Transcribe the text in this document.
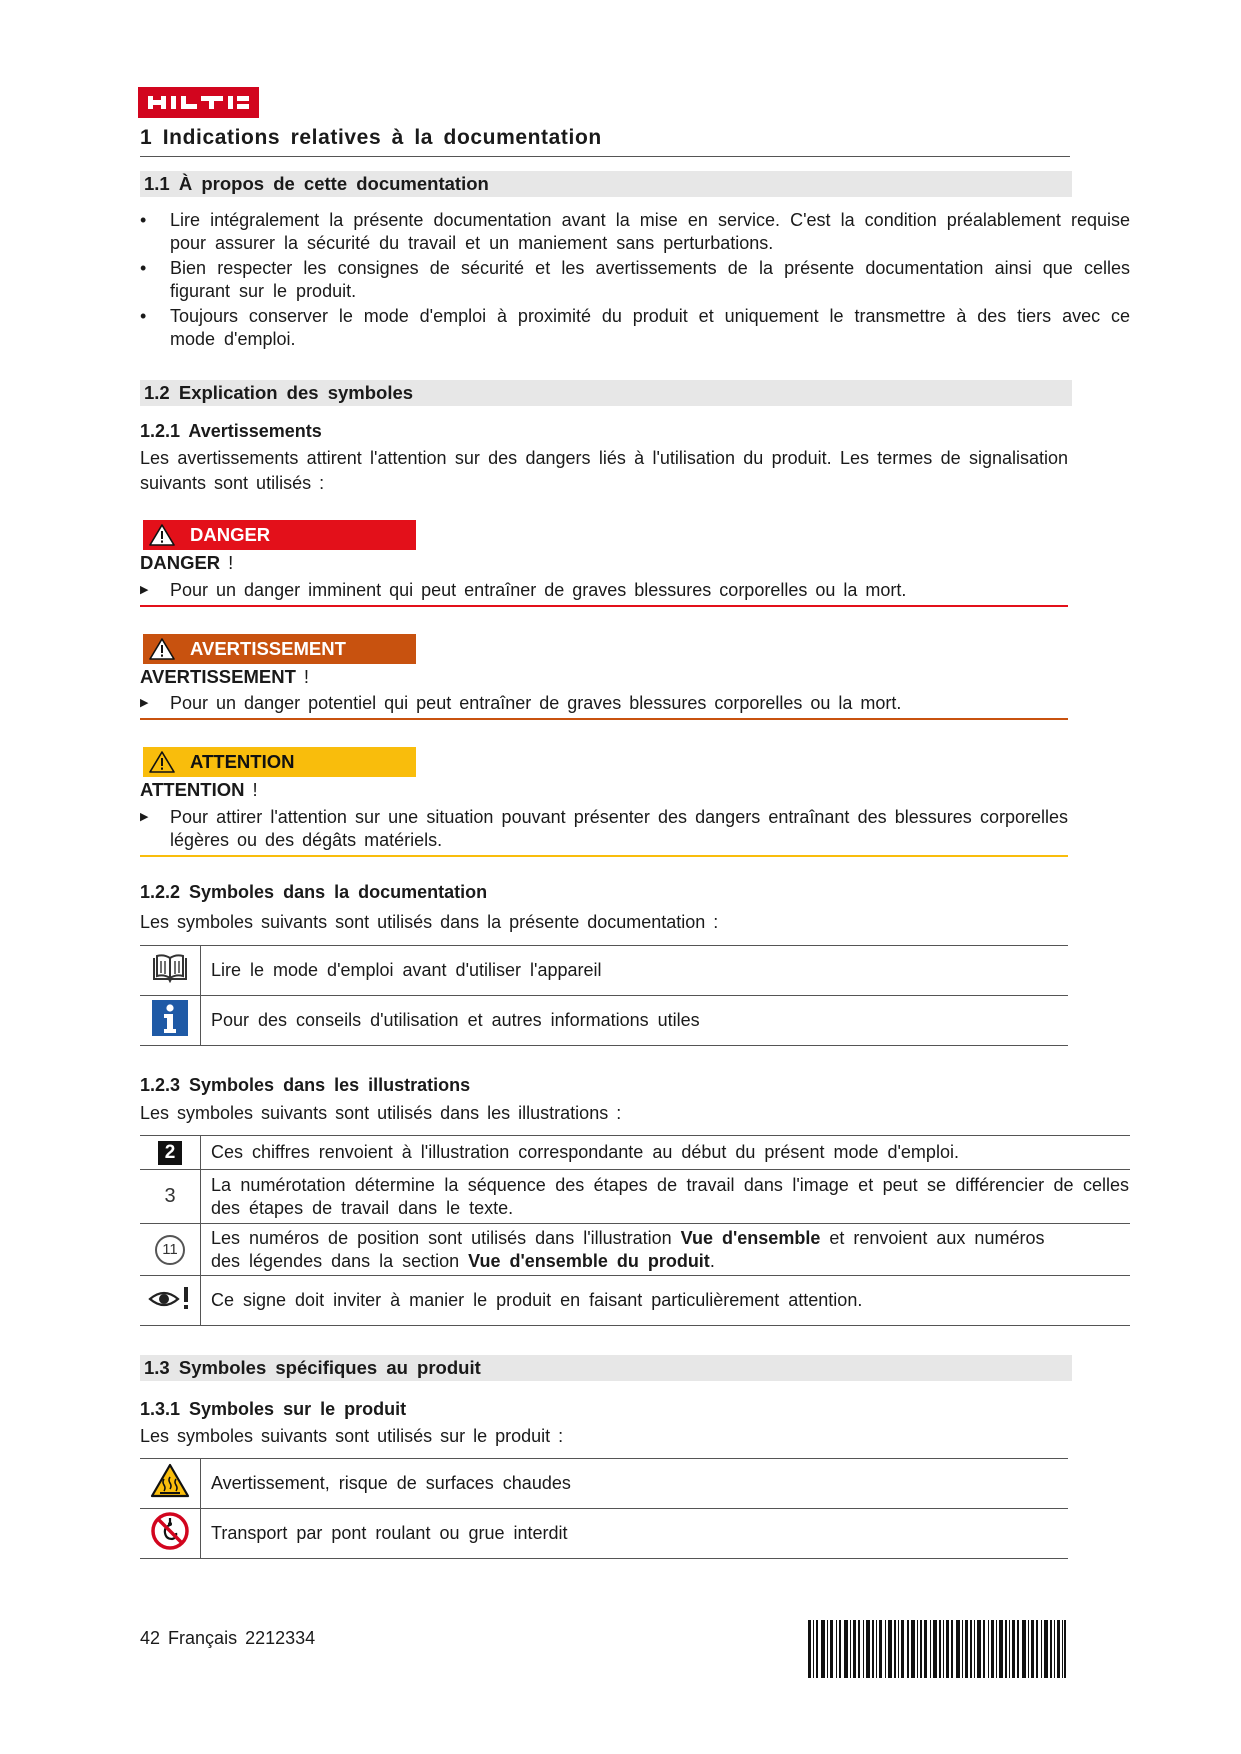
1 Indications relatives à la documentation
1.1 À propos de cette documentation
• Lire intégralement la présente documentation avant la mise en service. C'est la condition préalablement requise pour assurer la sécurité du travail et un maniement sans perturbations.
• Bien respecter les consignes de sécurité et les avertissements de la présente documentation ainsi que celles figurant sur le produit.
• Toujours conserver le mode d'emploi à proximité du produit et uniquement le transmettre à des tiers avec ce mode d'emploi.
1.2 Explication des symboles
1.2.1 Avertissements
Les avertissements attirent l'attention sur des dangers liés à l'utilisation du produit. Les termes de signalisation suivants sont utilisés :
DANGER
DANGER !
▶	Pour un danger imminent qui peut entraîner de graves blessures corporelles ou la mort.
AVERTISSEMENT
AVERTISSEMENT !
▶	Pour un danger potentiel qui peut entraîner de graves blessures corporelles ou la mort.
ATTENTION
ATTENTION !
▶	Pour attirer l'attention sur une situation pouvant présenter des dangers entraînant des blessures corporelles légères ou des dégâts matériels.
1.2.2 Symboles dans la documentation
Les symboles suivants sont utilisés dans la présente documentation :
	Lire le mode d'emploi avant d'utiliser l'appareil
	Pour des conseils d'utilisation et autres informations utiles
1.2.3 Symboles dans les illustrations
Les symboles suivants sont utilisés dans les illustrations :
2	Ces chiffres renvoient à l'illustration correspondante au début du présent mode d'emploi.
3	La numérotation détermine la séquence des étapes de travail dans l'image et peut se différencier de celles des étapes de travail dans le texte.
11	Les numéros de position sont utilisés dans l'illustration Vue d'ensemble et renvoient aux numéros des légendes dans la section Vue d'ensemble du produit.
	Ce signe doit inviter à manier le produit en faisant particulièrement attention.
1.3 Symboles spécifiques au produit
1.3.1 Symboles sur le produit
Les symboles suivants sont utilisés sur le produit :
	Avertissement, risque de surfaces chaudes
	Transport par pont roulant ou grue interdit
42 Français 2212334
